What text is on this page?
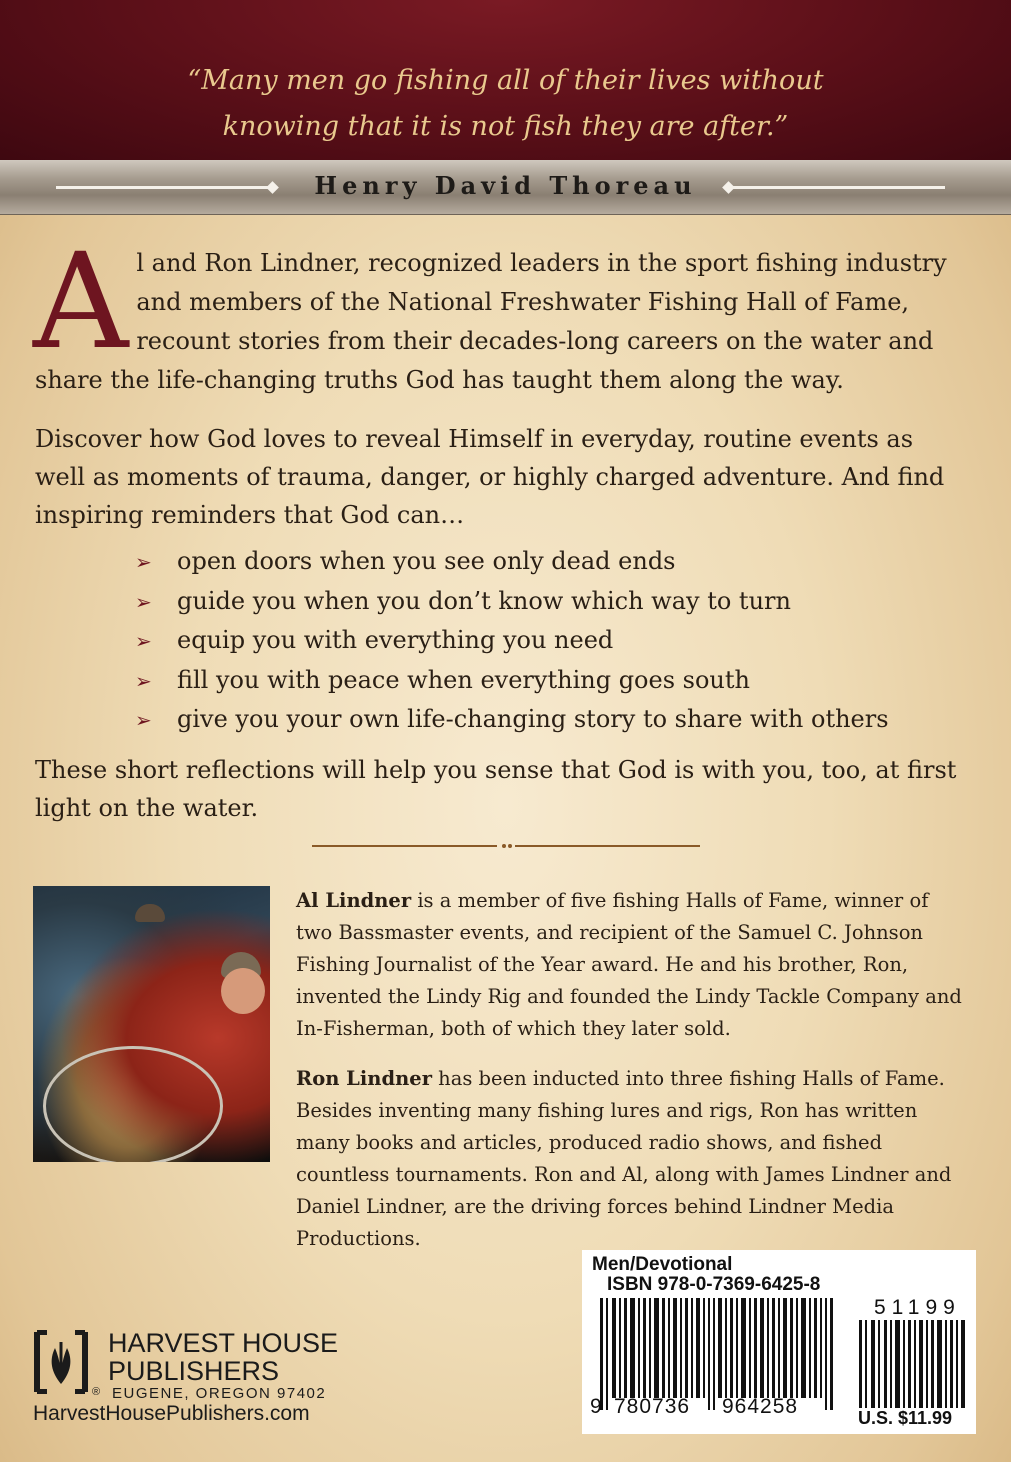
“Many men go fishing all of their lives without
knowing that it is not fish they are after.”
Henry David Thoreau
Al and Ron Lindner, recognized leaders in the sport fishing industry and members of the National Freshwater Fishing Hall of Fame, recount stories from their decades-long careers on the water and share the life-changing truths God has taught them along the way.
Discover how God loves to reveal Himself in everyday, routine events as well as moments of trauma, danger, or highly charged adventure. And find inspiring reminders that God can…
➢ open doors when you see only dead ends
➢ guide you when you don’t know which way to turn
➢ equip you with everything you need
➢ fill you with peace when everything goes south
➢ give you your own life-changing story to share with others
These short reflections will help you sense that God is with you, too, at first light on the water.
Al Lindner is a member of five fishing Halls of Fame, winner of two Bassmaster events, and recipient of the Samuel C. Johnson Fishing Journalist of the Year award. He and his brother, Ron, invented the Lindy Rig and founded the Lindy Tackle Company and In-Fisherman, both of which they later sold.
Ron Lindner has been inducted into three fishing Halls of Fame. Besides inventing many fishing lures and rigs, Ron has written many books and articles, produced radio shows, and fished countless tournaments. Ron and Al, along with James Lindner and Daniel Lindner, are the driving forces behind Lindner Media Productions.
HARVEST HOUSE
PUBLISHERS
® EUGENE, OREGON 97402
HarvestHousePublishers.com
Men/Devotional
ISBN 978-0-7369-6425-8
51199
9 780736 964258	U.S. $11.99
